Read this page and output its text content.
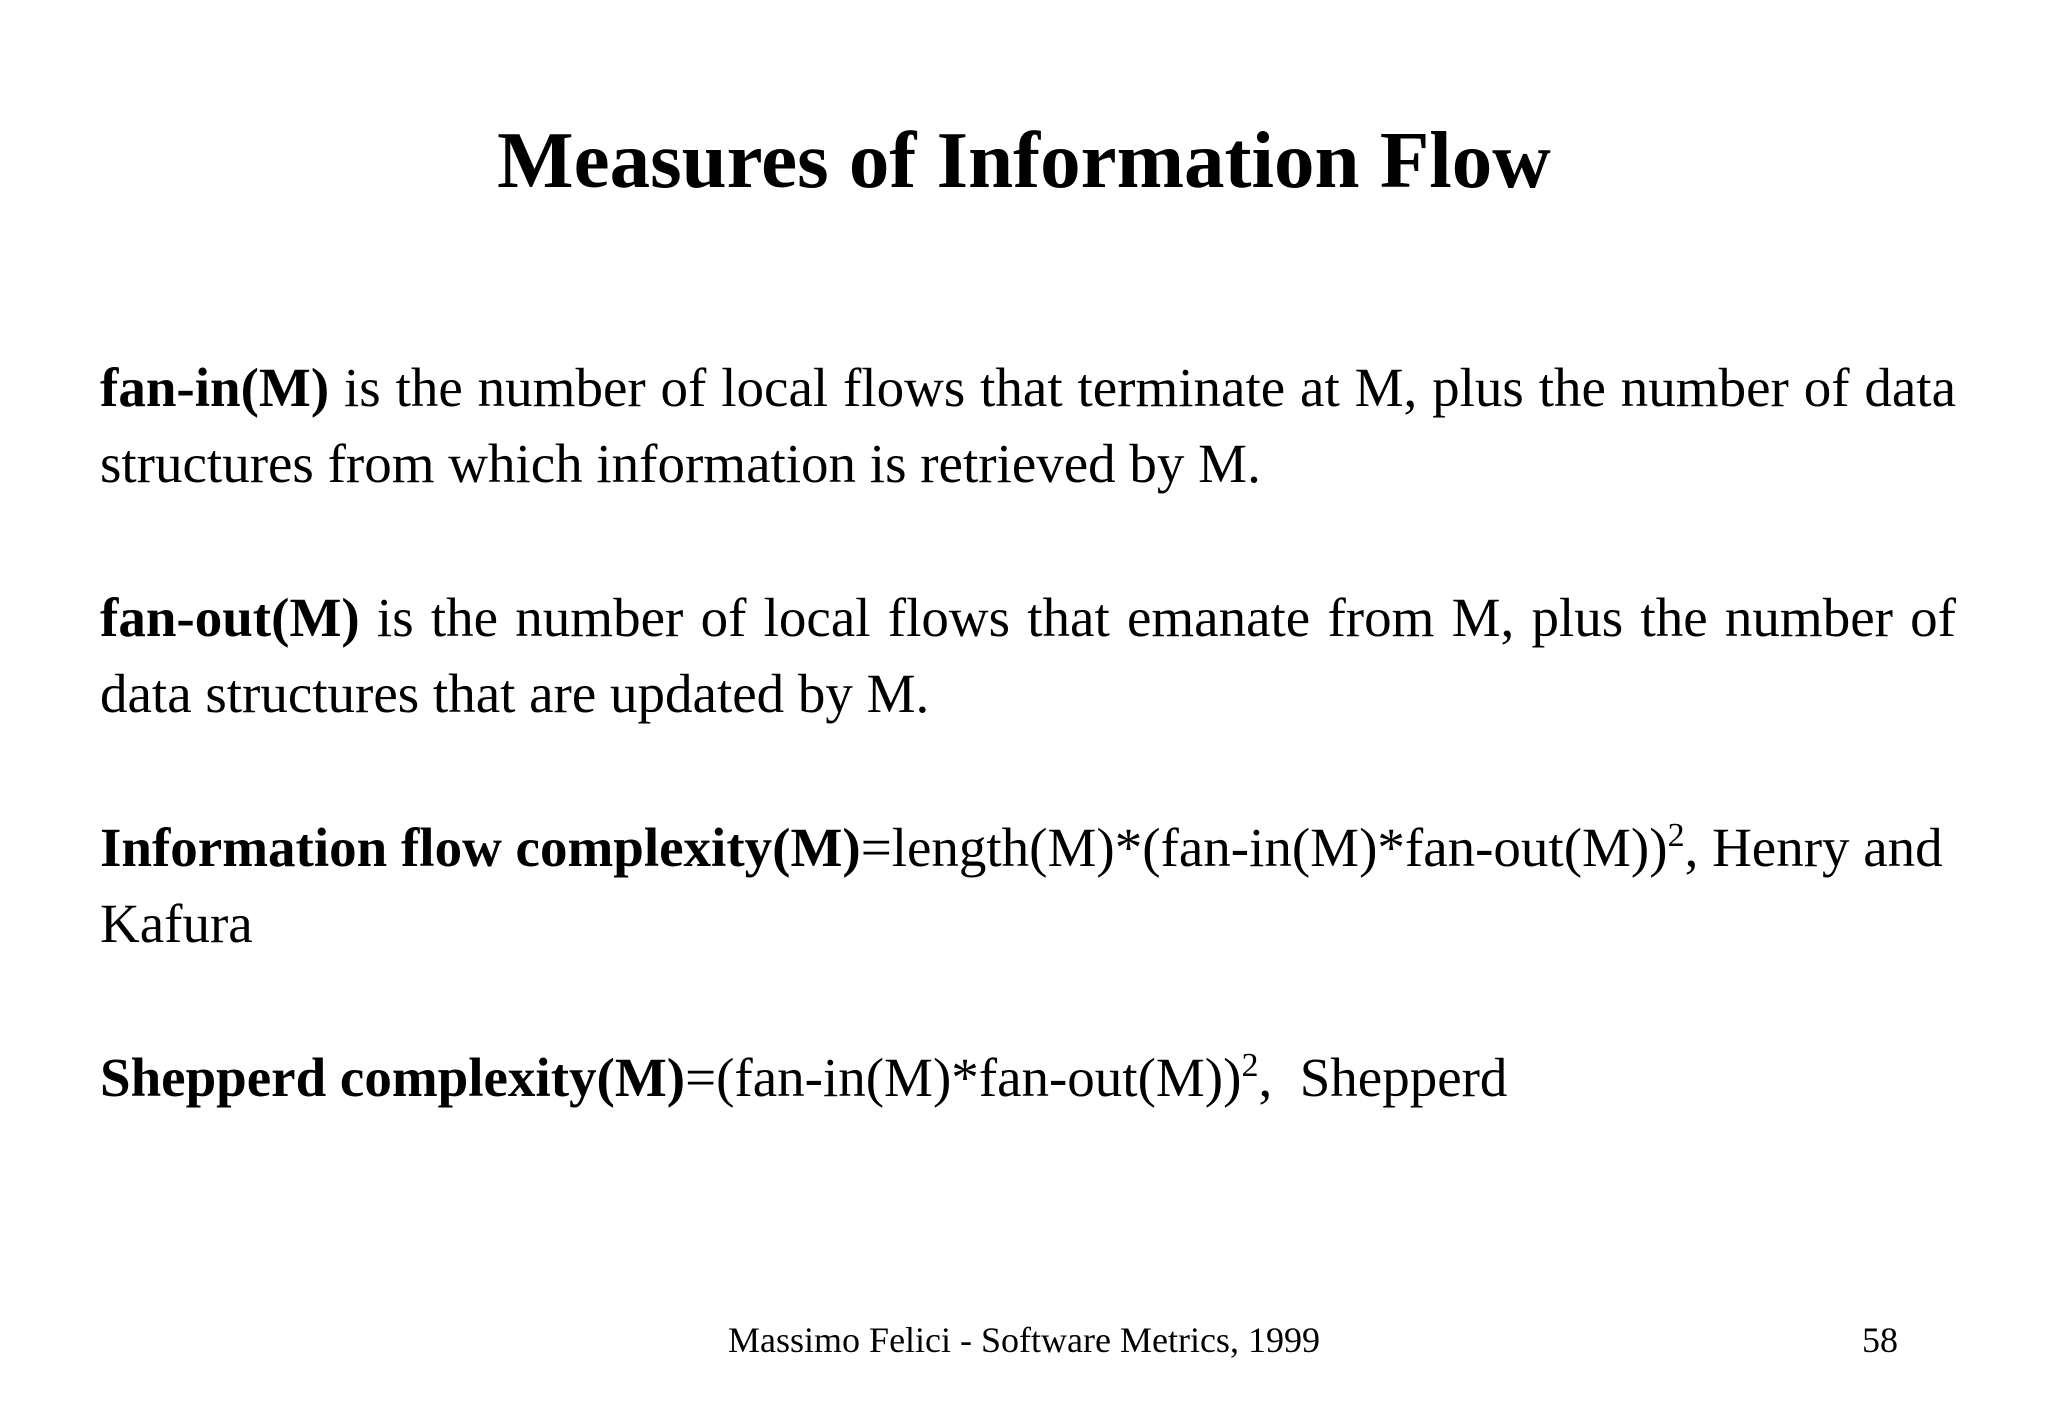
Measures of Information Flow

fan-in(M) is the number of local flows that terminate at M, plus the number of data structures from which information is retrieved by M.

fan-out(M) is the number of local flows that emanate from M, plus the number of data structures that are updated by M.

Information flow $complexity(M)=length(M)*(fan-in(M)*fan-out(M))^2$, Henry and Kafura

Shepperd $complexity(M)=(fan-in(M)*fan-out(M))^2$,  Shepperd

Massimo Felici - Software Metrics, 1999	58
